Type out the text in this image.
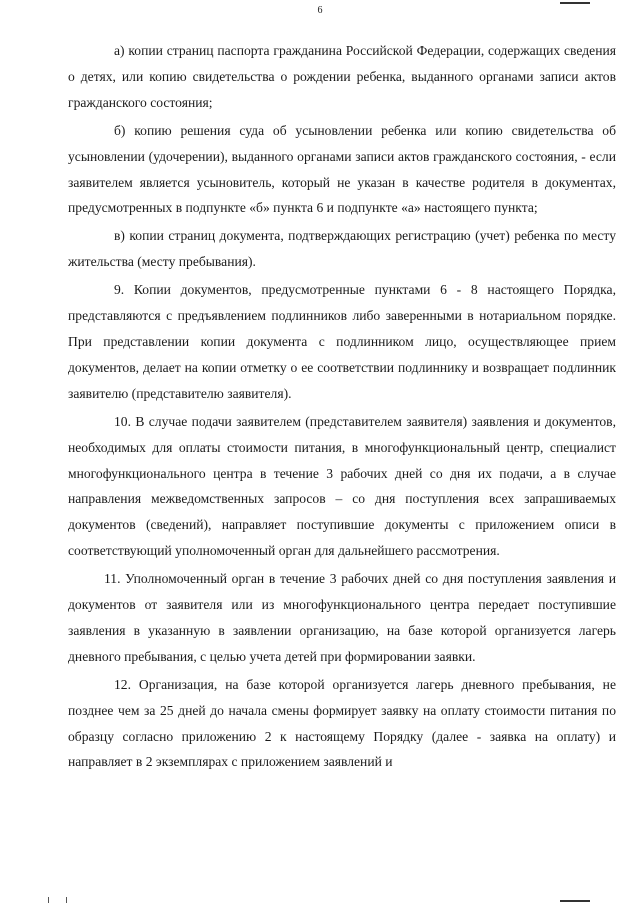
6

а) копии страниц паспорта гражданина Российской Федерации, содержащих сведения о детях, или копию свидетельства о рождении ребенка, выданного органами записи актов гражданского состояния;

б) копию решения суда об усыновлении ребенка или копию свидетельства об усыновлении (удочерении), выданного органами записи актов гражданского состояния, - если заявителем является усыновитель, который не указан в качестве родителя в документах, предусмотренных в подпункте «б» пункта 6 и подпункте «а» настоящего пункта;

в) копии страниц документа, подтверждающих регистрацию (учет) ребенка по месту жительства (месту пребывания).

9. Копии документов, предусмотренные пунктами 6 - 8 настоящего Порядка, представляются с предъявлением подлинников либо заверенными в нотариальном порядке. При представлении копии документа с подлинником лицо, осуществляющее прием документов, делает на копии отметку о ее соответствии подлиннику и возвращает подлинник заявителю (представителю заявителя).

10. В случае подачи заявителем (представителем заявителя) заявления и документов, необходимых для оплаты стоимости питания, в многофункциональный центр, специалист многофункционального центра в течение 3 рабочих дней со дня их подачи, а в случае направления межведомственных запросов – со дня поступления всех запрашиваемых документов (сведений), направляет поступившие документы с приложением описи в соответствующий уполномоченный орган для дальнейшего рассмотрения.

11. Уполномоченный орган в течение 3 рабочих дней со дня поступления заявления и документов от заявителя или из многофункционального центра передает поступившие заявления в указанную в заявлении организацию, на базе которой организуется лагерь дневного пребывания, с целью учета детей при формировании заявки.

12. Организация, на базе которой организуется лагерь дневного пребывания, не позднее чем за 25 дней до начала смены формирует заявку на оплату стоимости питания по образцу согласно приложению 2 к настоящему Порядку (далее - заявка на оплату) и направляет в 2 экземплярах с приложением заявлений и
